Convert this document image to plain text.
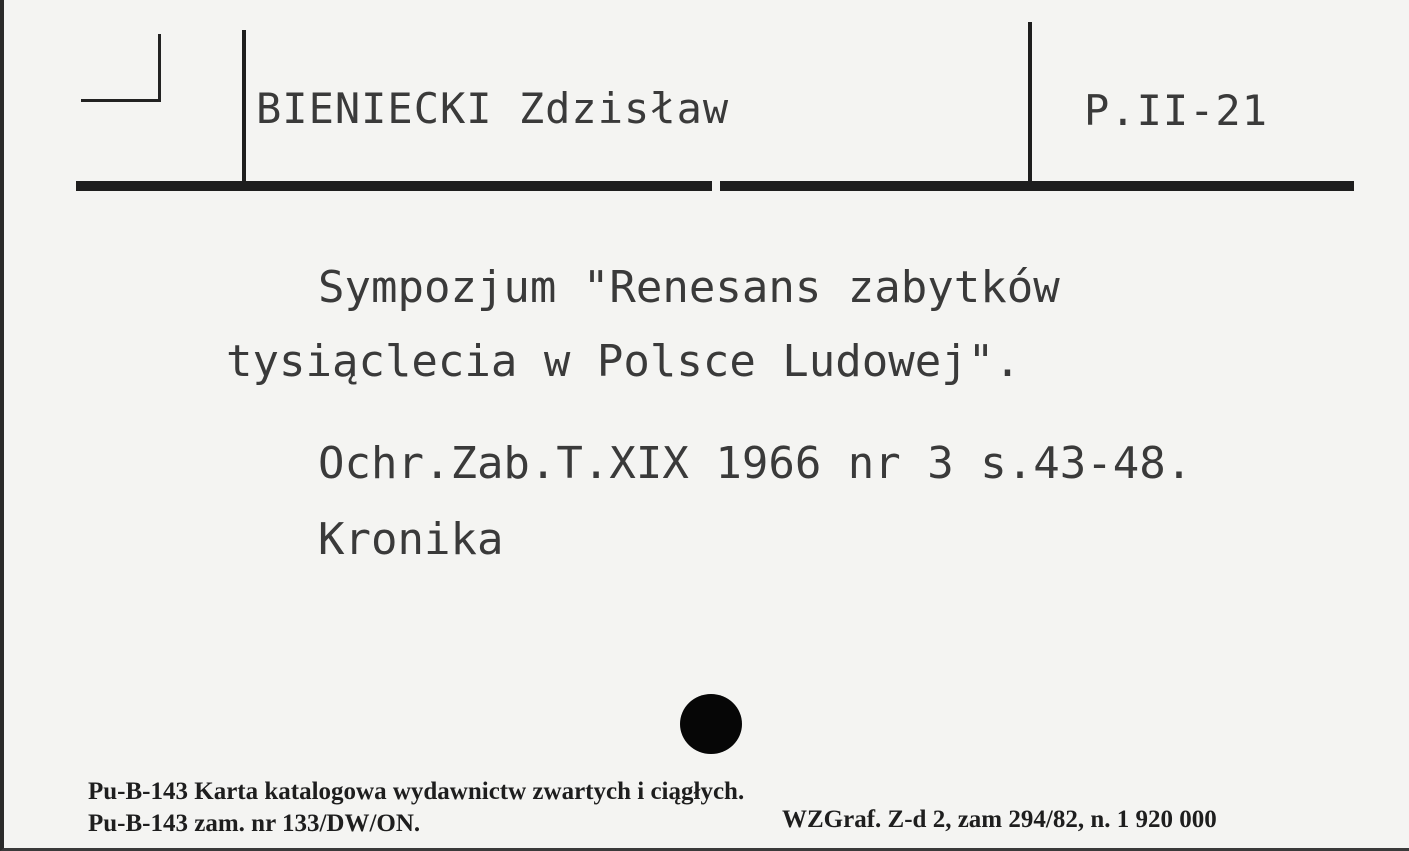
BIENIECKI Zdzisław	P.II-21
Sympozjum "Renesans zabytków
tysiąclecia w Polsce Ludowej".
Ochr.Zab.T.XIX 1966 nr 3 s.43-48.
Kronika
Pu-B-143 Karta katalogowa wydawnictw zwartych i ciągłych.
Pu-B-143 zam. nr 133/DW/ON.	WZGraf. Z-d 2, zam 294/82, n. 1 920 000
